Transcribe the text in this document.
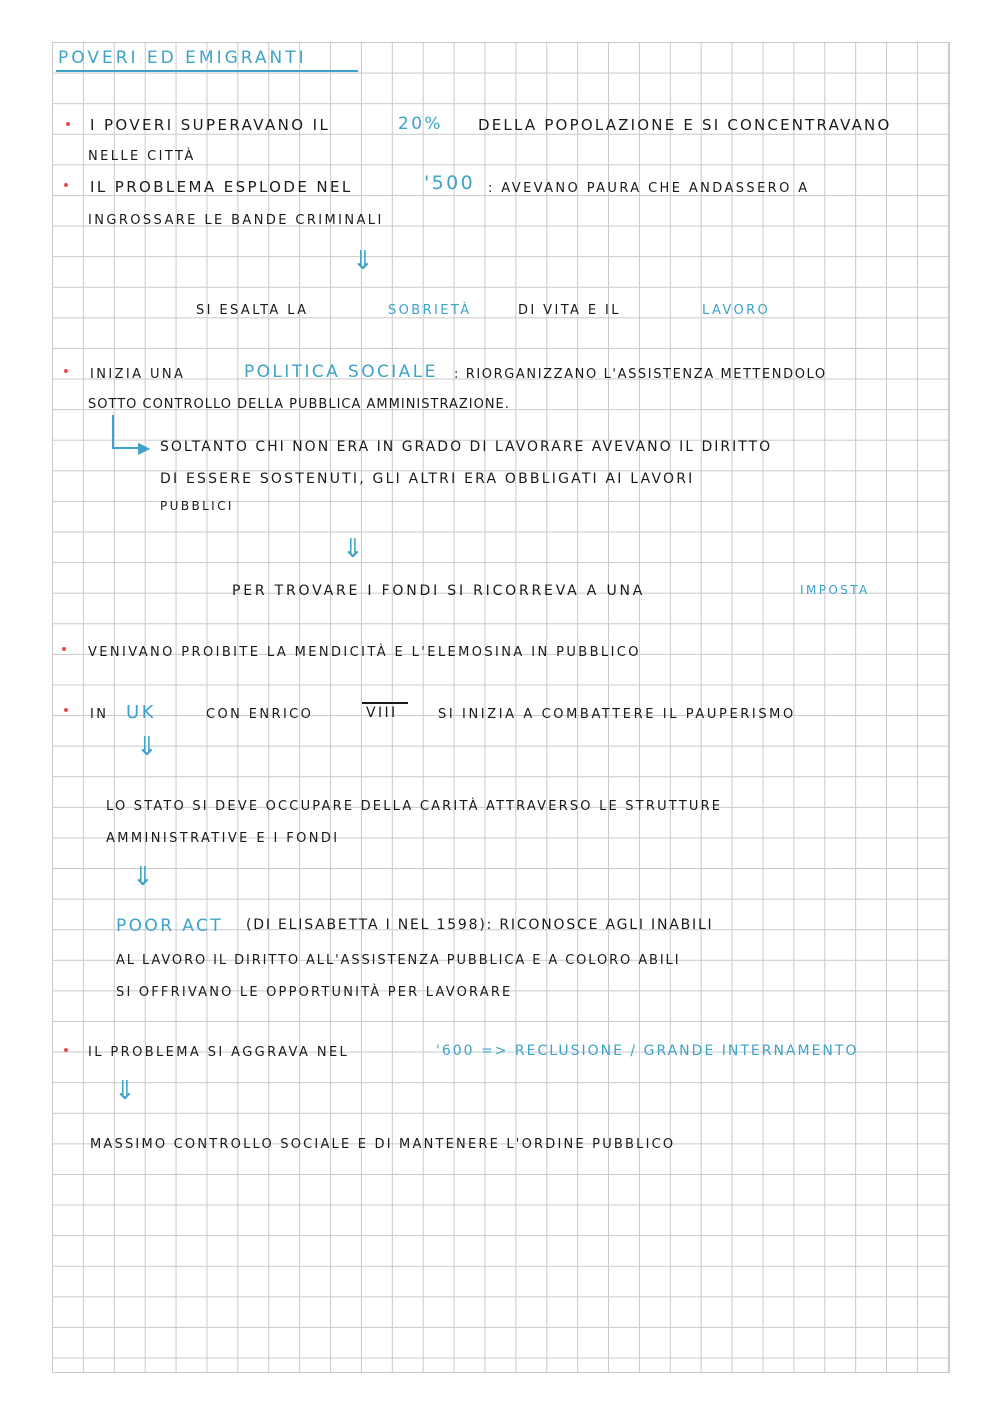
POVERI ED EMIGRANTI
I POVERI SUPERAVANO IL	20% DELLA POPOLAZIONE E SI CONCENTRAVANO
NELLE CITTÀ
IL PROBLEMA ESPLODE NEL	'500 : AVEVANO PAURA CHE ANDASSERO A
INGROSSARE LE BANDE CRIMINALI
⇓
SI ESALTA LA	SOBRIETÀ	DI VITA E IL	LAVORO
INIZIA UNA	POLITICA SOCIALE : RIORGANIZZANO L'ASSISTENZA METTENDOLO
SOTTO CONTROLLO DELLA PUBBLICA AMMINISTRAZIONE.
▶ SOLTANTO CHI NON ERA IN GRADO DI LAVORARE AVEVANO IL DIRITTO
DI ESSERE SOSTENUTI, GLI ALTRI ERA OBBLIGATI AI LAVORI
PUBBLICI
⇓
PER TROVARE I FONDI SI RICORREVA A UNA	IMPOSTA
VENIVANO PROIBITE LA MENDICITÀ E L'ELEMOSINA IN PUBBLICO
IN UK	CON ENRICO	VIII	SI INIZIA A COMBATTERE IL PAUPERISMO
⇓
LO STATO SI DEVE OCCUPARE DELLA CARITÀ ATTRAVERSO LE STRUTTURE
AMMINISTRATIVE E I FONDI
⇓
POOR ACT (DI ELISABETTA I NEL 1598): RICONOSCE AGLI INABILI
AL LAVORO IL DIRITTO ALL'ASSISTENZA PUBBLICA E A COLORO ABILI
SI OFFRIVANO LE OPPORTUNITÀ PER LAVORARE
IL PROBLEMA SI AGGRAVA NEL	'600 => RECLUSIONE / GRANDE INTERNAMENTO
⇓
MASSIMO CONTROLLO SOCIALE E DI MANTENERE L'ORDINE PUBBLICO
